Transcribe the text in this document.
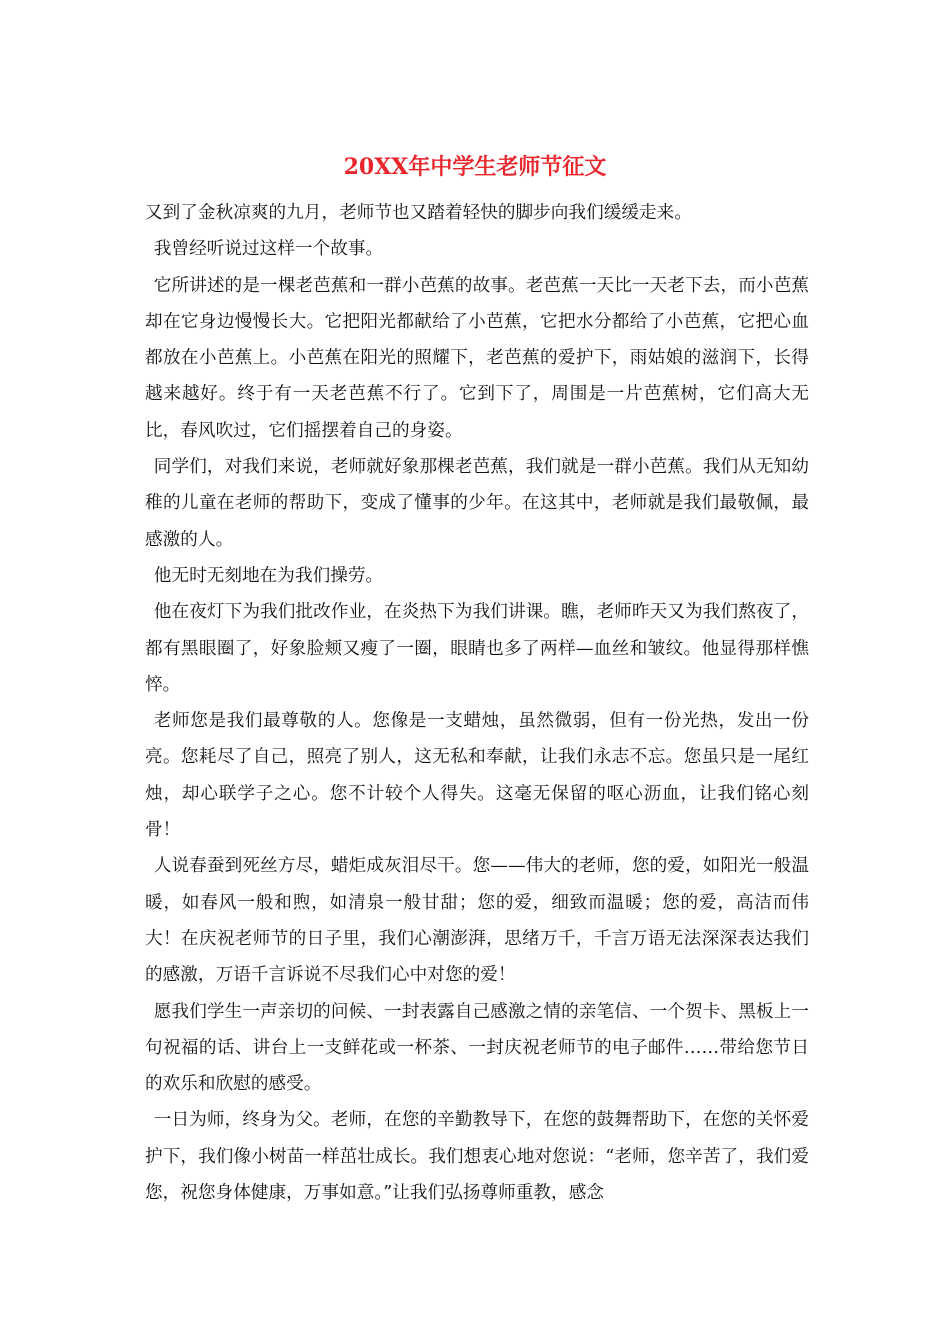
20XX年中学生老师节征文

又到了金秋凉爽的九月，老师节也又踏着轻快的脚步向我们缓缓走来。

我曾经听说过这样一个故事。

它所讲述的是一棵老芭蕉和一群小芭蕉的故事。老芭蕉一天比一天老下去，而小芭蕉却在它身边慢慢长大。它把阳光都献给了小芭蕉，它把水分都给了小芭蕉，它把心血都放在小芭蕉上。小芭蕉在阳光的照耀下，老芭蕉的爱护下，雨姑娘的滋润下，长得越来越好。终于有一天老芭蕉不行了。它到下了，周围是一片芭蕉树，它们高大无比，春风吹过，它们摇摆着自己的身姿。

同学们，对我们来说，老师就好象那棵老芭蕉，我们就是一群小芭蕉。我们从无知幼稚的儿童在老师的帮助下，变成了懂事的少年。在这其中，老师就是我们最敬佩，最感激的人。

他无时无刻地在为我们操劳。

他在夜灯下为我们批改作业，在炎热下为我们讲课。瞧，老师昨天又为我们熬夜了，都有黑眼圈了，好象脸颊又瘦了一圈，眼睛也多了两样—血丝和皱纹。他显得那样憔悴。

老师您是我们最尊敬的人。您像是一支蜡烛，虽然微弱，但有一份光热，发出一份亮。您耗尽了自己，照亮了别人，这无私和奉献，让我们永志不忘。您虽只是一尾红烛，却心联学子之心。您不计较个人得失。这毫无保留的呕心沥血，让我们铭心刻骨！

人说春蚕到死丝方尽，蜡炬成灰泪尽干。您——伟大的老师，您的爱，如阳光一般温暖，如春风一般和煦，如清泉一般甘甜；您的爱，细致而温暖；您的爱，高洁而伟大！在庆祝老师节的日子里，我们心潮澎湃，思绪万千，千言万语无法深深表达我们的感激，万语千言诉说不尽我们心中对您的爱！

愿我们学生一声亲切的问候、一封表露自己感激之情的亲笔信、一个贺卡、黑板上一句祝福的话、讲台上一支鲜花或一杯茶、一封庆祝老师节的电子邮件……带给您节日的欢乐和欣慰的感受。

一日为师，终身为父。老师，在您的辛勤教导下，在您的鼓舞帮助下，在您的关怀爱护下，我们像小树苗一样茁壮成长。我们想衷心地对您说：“老师，您辛苦了，我们爱您，祝您身体健康，万事如意。”让我们弘扬尊师重教，感念
